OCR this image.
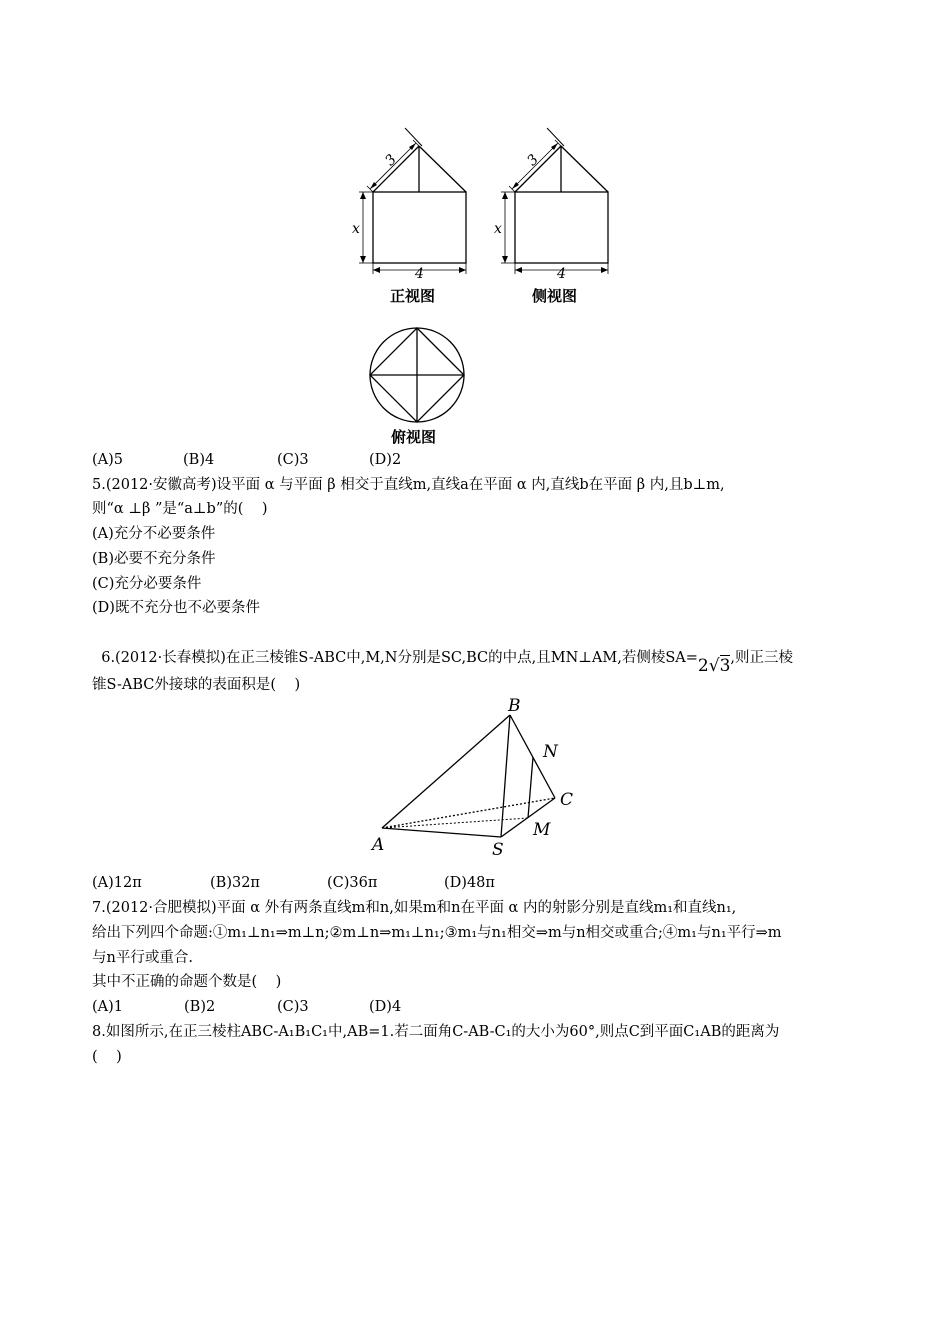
3
x
4
正视图
3
x
4
侧视图
俯视图
(A)5	(B)4	(C)3	(D)2
5.(2012·安徽高考)设平面 α 与平面 β 相交于直线m,直线a在平面 α 内,直线b在平面 β 内,且b⊥m,
则“α ⊥β ”是“a⊥b”的(    )
(A)充分不必要条件
(B)必要不充分条件
(C)充分必要条件
(D)既不充分也不必要条件

6.(2012·长春模拟)在正三棱锥S-ABC中,M,N分别是SC,BC的中点,且MN⊥AM,若侧棱SA=2√3,则正三棱

锥S-ABC外接球的表面积是(    )
B
N
C
M
A	S
(A)12π	(B)32π	(C)36π	(D)48π
7.(2012·合肥模拟)平面 α 外有两条直线m和n,如果m和n在平面 α 内的射影分别是直线m₁和直线n₁,
给出下列四个命题:①m₁⊥n₁⇒m⊥n;②m⊥n⇒m₁⊥n₁;③m₁与n₁相交⇒m与n相交或重合;④m₁与n₁平行⇒m
与n平行或重合.
其中不正确的命题个数是(    )
(A)1	(B)2	(C)3	(D)4
8.如图所示,在正三棱柱ABC-A₁B₁C₁中,AB=1.若二面角C-AB-C₁的大小为60°,则点C到平面C₁AB的距离为
(    )
